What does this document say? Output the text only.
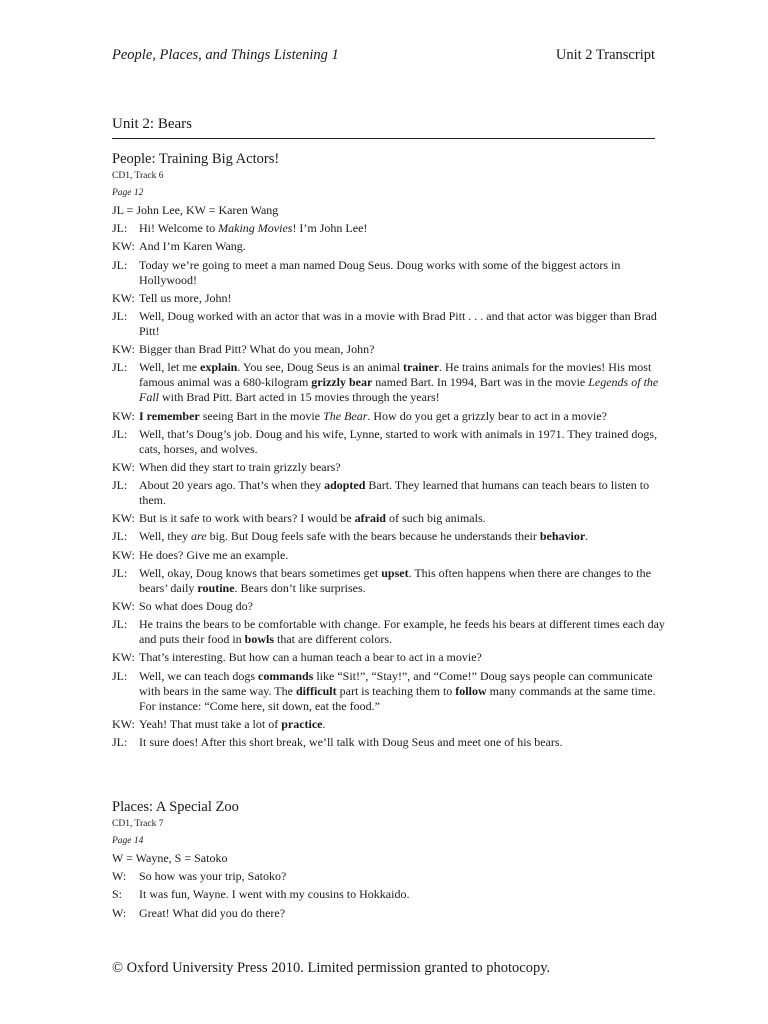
People, Places, and Things Listening 1	Unit 2 Transcript
Unit 2: Bears
People: Training Big Actors!
CD1, Track 6
Page 12
JL = John Lee, KW = Karen Wang
JL: Hi! Welcome to Making Movies! I’m John Lee!
KW: And I’m Karen Wang.
JL: Today we’re going to meet a man named Doug Seus. Doug works with some of the biggest actors in Hollywood!
KW: Tell us more, John!
JL: Well, Doug worked with an actor that was in a movie with Brad Pitt . . . and that actor was bigger than Brad Pitt!
KW: Bigger than Brad Pitt? What do you mean, John?
JL: Well, let me explain. You see, Doug Seus is an animal trainer. He trains animals for the movies! His most famous animal was a 680-kilogram grizzly bear named Bart. In 1994, Bart was in the movie Legends of the Fall with Brad Pitt. Bart acted in 15 movies through the years!
KW: I remember seeing Bart in the movie The Bear. How do you get a grizzly bear to act in a movie?
JL: Well, that’s Doug’s job. Doug and his wife, Lynne, started to work with animals in 1971. They trained dogs, cats, horses, and wolves.
KW: When did they start to train grizzly bears?
JL: About 20 years ago. That’s when they adopted Bart. They learned that humans can teach bears to listen to them.
KW: But is it safe to work with bears? I would be afraid of such big animals.
JL: Well, they are big. But Doug feels safe with the bears because he understands their behavior.
KW: He does? Give me an example.
JL: Well, okay, Doug knows that bears sometimes get upset. This often happens when there are changes to the bears’ daily routine. Bears don’t like surprises.
KW: So what does Doug do?
JL: He trains the bears to be comfortable with change. For example, he feeds his bears at different times each day and puts their food in bowls that are different colors.
KW: That’s interesting. But how can a human teach a bear to act in a movie?
JL: Well, we can teach dogs commands like “Sit!”, “Stay!”, and “Come!” Doug says people can communicate with bears in the same way. The difficult part is teaching them to follow many commands at the same time. For instance: “Come here, sit down, eat the food.”
KW: Yeah! That must take a lot of practice.
JL: It sure does! After this short break, we’ll talk with Doug Seus and meet one of his bears.
Places: A Special Zoo
CD1, Track 7
Page 14
W = Wayne, S = Satoko
W:	So how was your trip, Satoko?
S:	It was fun, Wayne. I went with my cousins to Hokkaido.
W:	Great! What did you do there?
© Oxford University Press 2010. Limited permission granted to photocopy.
